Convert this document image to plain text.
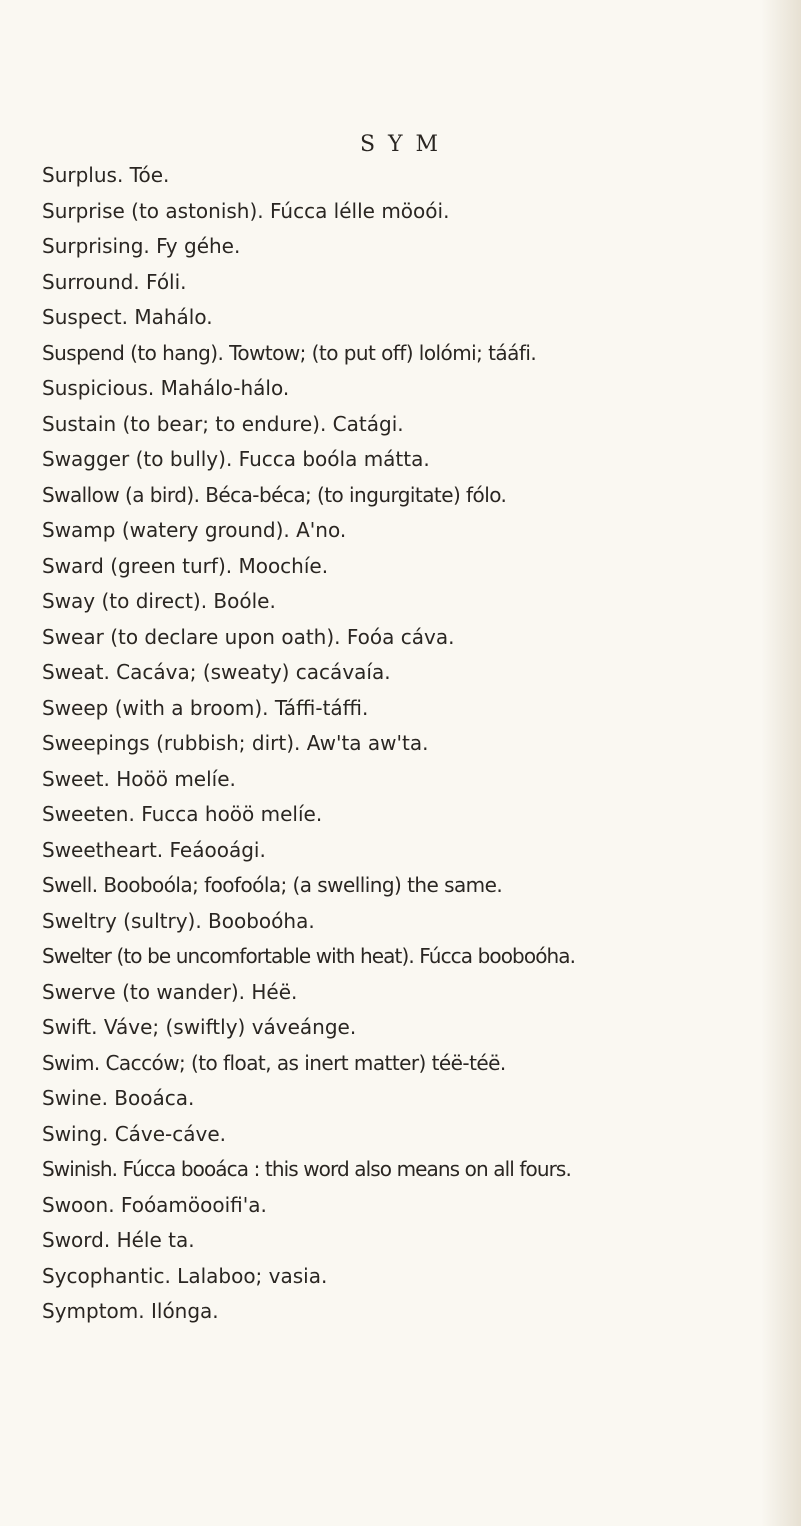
S Y M
Surplus. Tóe.
Surprise (to astonish). Fúcca lélle möoói.
Surprising. Fy géhe.
Surround. Fóli.
Suspect. Mahálo.
Suspend (to hang). Towtow; (to put off) lolómi; tááfi.
Suspicious. Mahálo-hálo.
Sustain (to bear; to endure). Catági.
Swagger (to bully). Fucca boóla mátta.
Swallow (a bird). Béca-béca; (to ingurgitate) fólo.
Swamp (watery ground). A'no.
Sward (green turf). Moochíe.
Sway (to direct). Boóle.
Swear (to declare upon oath). Foóa cáva.
Sweat. Cacáva; (sweaty) cacávaía.
Sweep (with a broom). Táffi-táffi.
Sweepings (rubbish; dirt). Aw'ta aw'ta.
Sweet. Hoöö melíe.
Sweeten. Fucca hoöö melíe.
Sweetheart. Feáooági.
Swell. Booboóla; foofoóla; (a swelling) the same.
Sweltry (sultry). Booboóha.
Swelter (to be uncomfortable with heat). Fúcca booboóha.
Swerve (to wander). Héë.
Swift. Váve; (swiftly) váveánge.
Swim. Cacców; (to float, as inert matter) téë-téë.
Swine. Booáca.
Swing. Cáve-cáve.
Swinish. Fúcca booáca : this word also means on all fours.
Swoon. Foóamöooifi'a.
Sword. Héle ta.
Sycophantic. Lalaboo; vasia.
Symptom. Ilónga.
